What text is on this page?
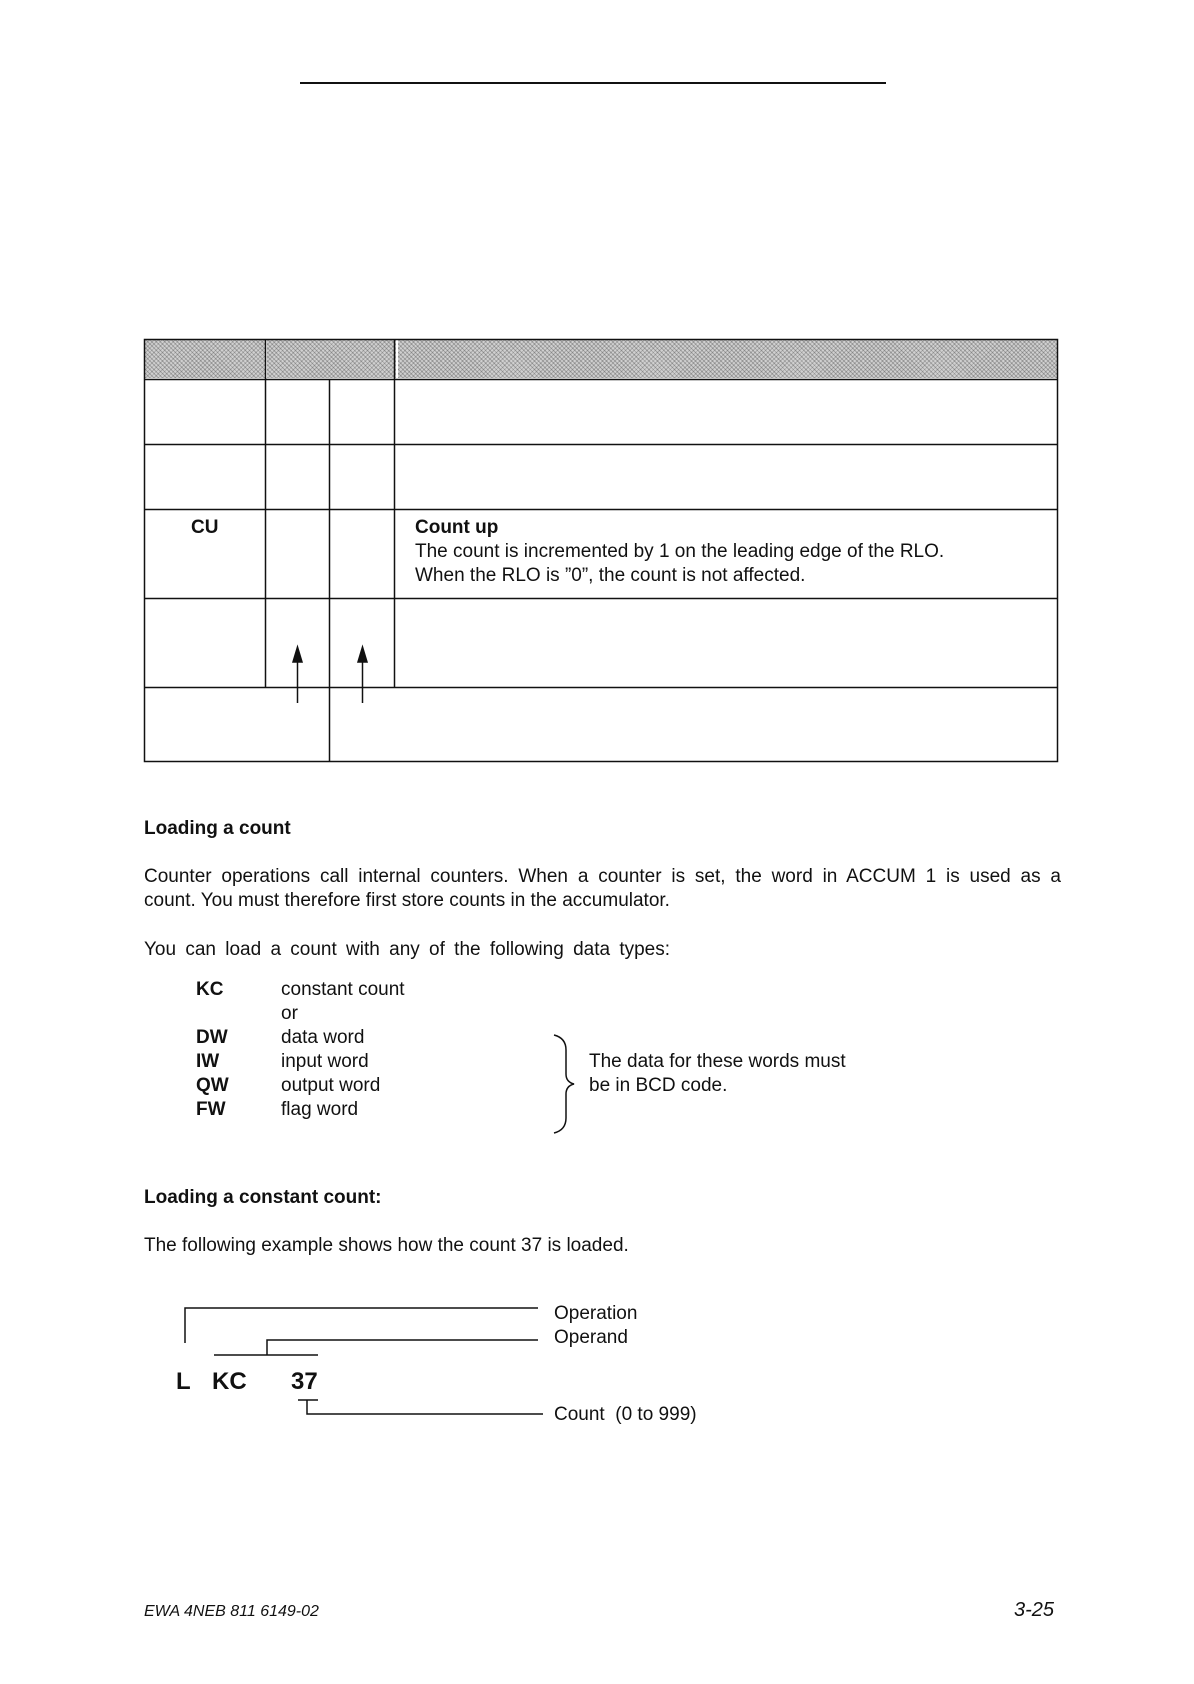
CU	Count up
The count is incremented by 1 on the leading edge of the RLO.
When the RLO is ”0”, the count is not affected.
Loading a count
Counter operations call internal counters. When a counter is set, the word in ACCUM 1 is used as a
count. You must therefore first store counts in the accumulator.
You can load a count with any of the following data types:
KC	constant count
or
DW	data word
IW	input word
QW	output word
FW	flag word
The data for these words must
be in BCD code.
Loading a constant count:
The following example shows how the count 37 is loaded.
L KC 37
Operation
Operand
Count  (0 to 999)
EWA 4NEB 811 6149-02	3-25
